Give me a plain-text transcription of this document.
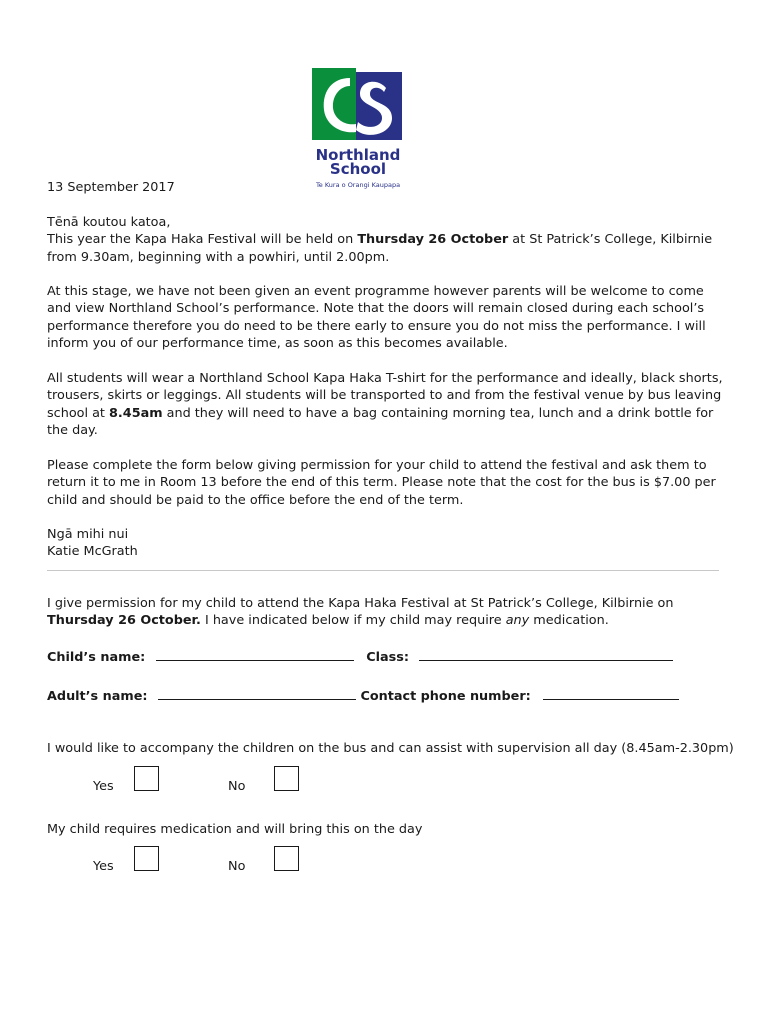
Northland
School
Te Kura o Orangi Kaupapa
13 September 2017

Tēnā koutou katoa,

This year the Kapa Haka Festival will be held on Thursday 26 October at St Patrick’s College, Kilbirnie from 9.30am, beginning with a powhiri, until 2.00pm.

At this stage, we have not been given an event programme however parents will be welcome to come and view Northland School’s performance. Note that the doors will remain closed during each school’s performance therefore you do need to be there early to ensure you do not miss the performance. I will inform you of our performance time, as soon as this becomes available.

All students will wear a Northland School Kapa Haka T-shirt for the performance and ideally, black shorts, trousers, skirts or leggings. All students will be transported to and from the festival venue by bus leaving school at 8.45am and they will need to have a bag containing morning tea, lunch and a drink bottle for the day.

Please complete the form below giving permission for your child to attend the festival and ask them to return it to me in Room 13 before the end of this term. Please note that the cost for the bus is $7.00 per child and should be paid to the office before the end of the term.

Ngā mihi nui

Katie McGrath

I give permission for my child to attend the Kapa Haka Festival at St Patrick’s College, Kilbirnie on Thursday 26 October. I have indicated below if my child may require any medication.

Child’s name:	Class:
Adult’s name:	Contact phone number:
I would like to accompany the children on the bus and can assist with supervision all day (8.45am-2.30pm)
Yes	No
My child requires medication and will bring this on the day
Yes	No
